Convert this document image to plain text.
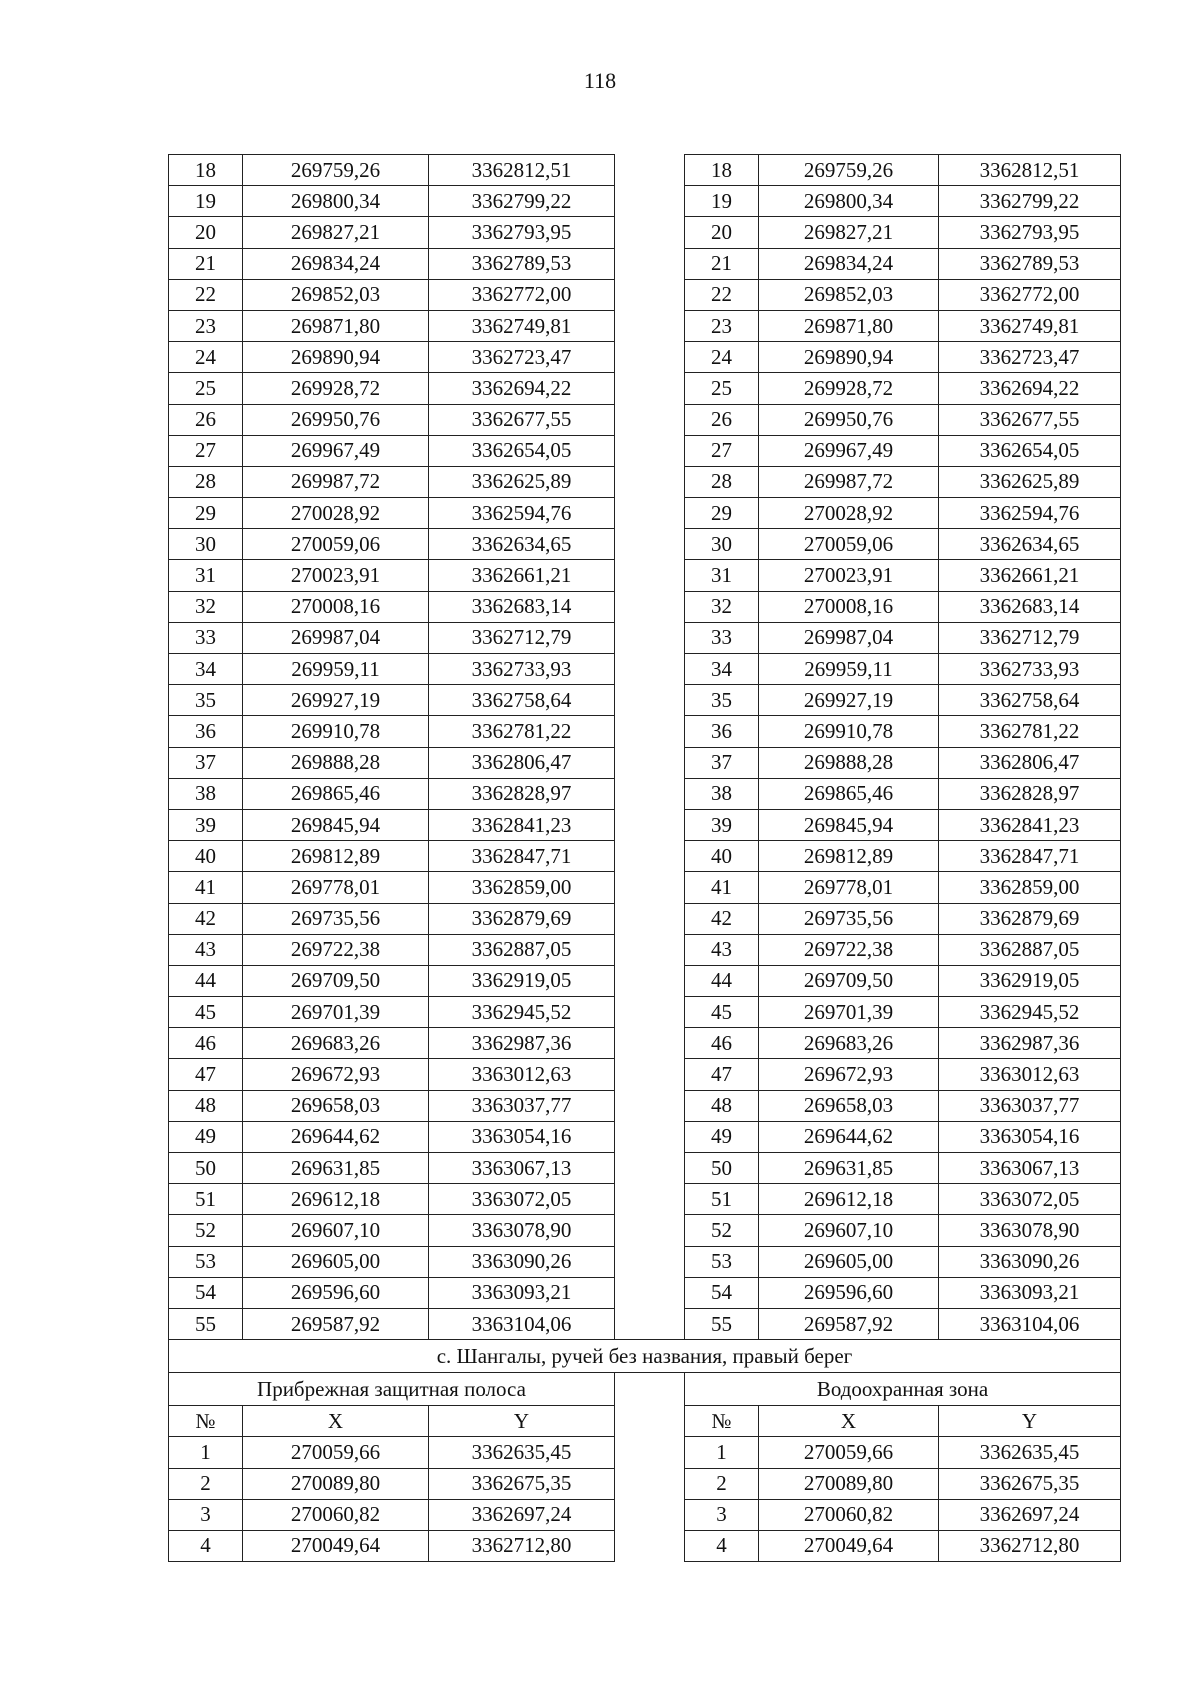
118
18	269759,26	3362812,51		18	269759,26	3362812,51
19	269800,34	3362799,22		19	269800,34	3362799,22
20	269827,21	3362793,95		20	269827,21	3362793,95
21	269834,24	3362789,53		21	269834,24	3362789,53
22	269852,03	3362772,00		22	269852,03	3362772,00
23	269871,80	3362749,81		23	269871,80	3362749,81
24	269890,94	3362723,47		24	269890,94	3362723,47
25	269928,72	3362694,22		25	269928,72	3362694,22
26	269950,76	3362677,55		26	269950,76	3362677,55
27	269967,49	3362654,05		27	269967,49	3362654,05
28	269987,72	3362625,89		28	269987,72	3362625,89
29	270028,92	3362594,76		29	270028,92	3362594,76
30	270059,06	3362634,65		30	270059,06	3362634,65
31	270023,91	3362661,21		31	270023,91	3362661,21
32	270008,16	3362683,14		32	270008,16	3362683,14
33	269987,04	3362712,79		33	269987,04	3362712,79
34	269959,11	3362733,93		34	269959,11	3362733,93
35	269927,19	3362758,64		35	269927,19	3362758,64
36	269910,78	3362781,22		36	269910,78	3362781,22
37	269888,28	3362806,47		37	269888,28	3362806,47
38	269865,46	3362828,97		38	269865,46	3362828,97
39	269845,94	3362841,23		39	269845,94	3362841,23
40	269812,89	3362847,71		40	269812,89	3362847,71
41	269778,01	3362859,00		41	269778,01	3362859,00
42	269735,56	3362879,69		42	269735,56	3362879,69
43	269722,38	3362887,05		43	269722,38	3362887,05
44	269709,50	3362919,05		44	269709,50	3362919,05
45	269701,39	3362945,52		45	269701,39	3362945,52
46	269683,26	3362987,36		46	269683,26	3362987,36
47	269672,93	3363012,63		47	269672,93	3363012,63
48	269658,03	3363037,77		48	269658,03	3363037,77
49	269644,62	3363054,16		49	269644,62	3363054,16
50	269631,85	3363067,13		50	269631,85	3363067,13
51	269612,18	3363072,05		51	269612,18	3363072,05
52	269607,10	3363078,90		52	269607,10	3363078,90
53	269605,00	3363090,26		53	269605,00	3363090,26
54	269596,60	3363093,21		54	269596,60	3363093,21
55	269587,92	3363104,06		55	269587,92	3363104,06
с. Шангалы, ручей без названия, правый берег						
Прибрежная защитная полоса				Водоохранная зона		
№	X	Y		№	X	Y
1	270059,66	3362635,45		1	270059,66	3362635,45
2	270089,80	3362675,35		2	270089,80	3362675,35
3	270060,82	3362697,24		3	270060,82	3362697,24
4	270049,64	3362712,80		4	270049,64	3362712,80
